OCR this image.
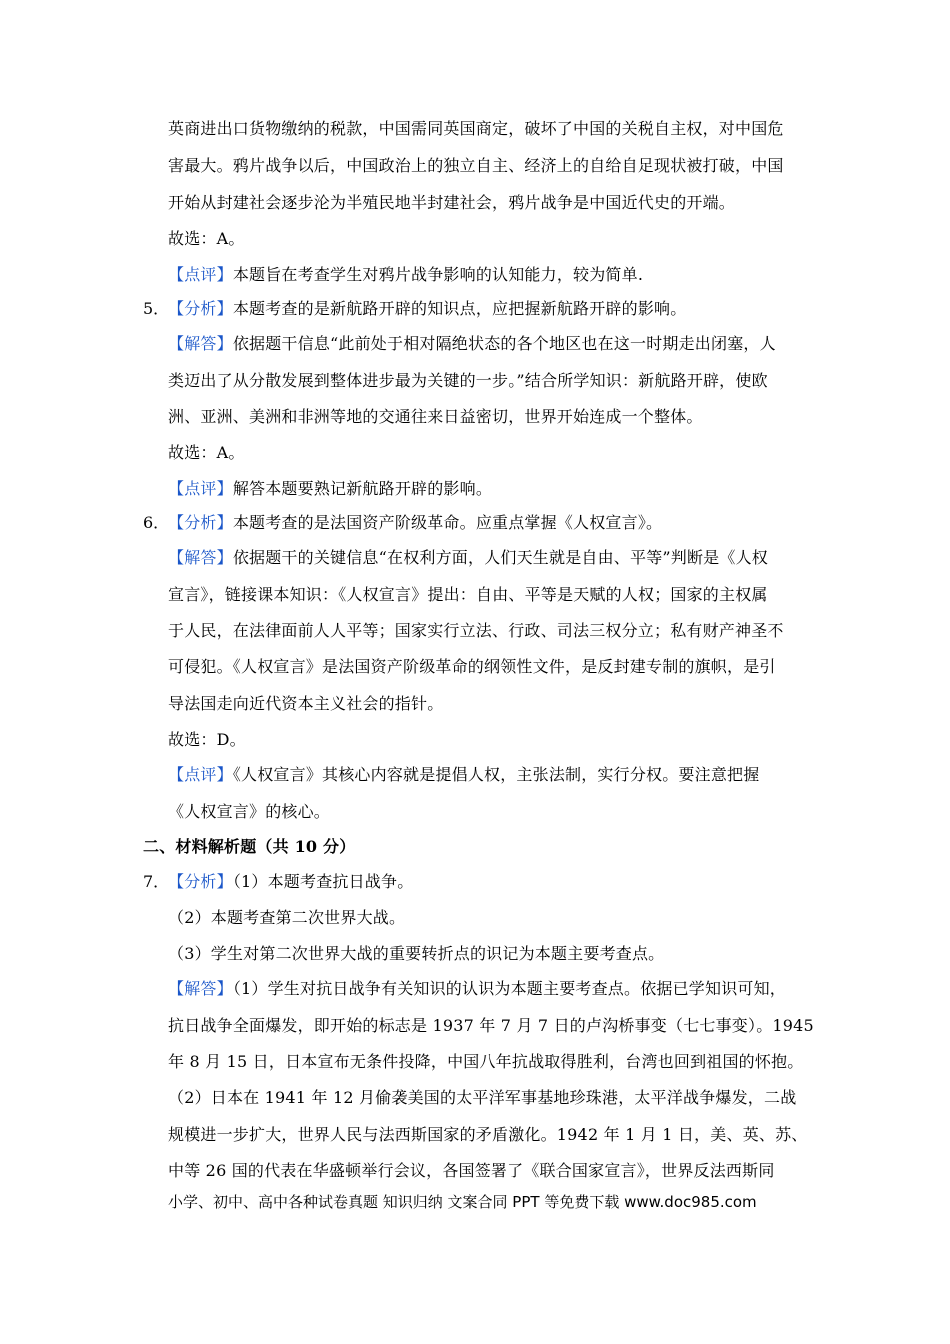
英商进出口货物缴纳的税款，中国需同英国商定，破坏了中国的关税自主权，对中国危
害最大。鸦片战争以后，中国政治上的独立自主、经济上的自给自足现状被打破，中国
开始从封建社会逐步沦为半殖民地半封建社会，鸦片战争是中国近代史的开端。
故选：A。
【点评】本题旨在考查学生对鸦片战争影响的认知能力，较为简单.
5．
【分析】本题考查的是新航路开辟的知识点，应把握新航路开辟的影响。
【解答】依据题干信息“此前处于相对隔绝状态的各个地区也在这一时期走出闭塞，人
类迈出了从分散发展到整体进步最为关键的一步。”结合所学知识：新航路开辟，使欧
洲、亚洲、美洲和非洲等地的交通往来日益密切，世界开始连成一个整体。
故选：A。
【点评】解答本题要熟记新航路开辟的影响。
6．
【分析】本题考查的是法国资产阶级革命。应重点掌握《人权宣言》。
【解答】依据题干的关键信息“在权利方面，人们天生就是自由、平等”判断是《人权
宣言》，链接课本知识：《人权宣言》提出：自由、平等是天赋的人权；国家的主权属
于人民，在法律面前人人平等；国家实行立法、行政、司法三权分立；私有财产神圣不
可侵犯。《人权宣言》是法国资产阶级革命的纲领性文件，是反封建专制的旗帜，是引
导法国走向近代资本主义社会的指针。
故选：D。
【点评】《人权宣言》其核心内容就是提倡人权，主张法制，实行分权。要注意把握
《人权宣言》的核心。
二、材料解析题（共 10 分）
7．
【分析】（1）本题考查抗日战争。
（2）本题考查第二次世界大战。
（3）学生对第二次世界大战的重要转折点的识记为本题主要考查点。
【解答】（1）学生对抗日战争有关知识的认识为本题主要考查点。依据已学知识可知，
抗日战争全面爆发，即开始的标志是 1937 年 7 月 7 日的卢沟桥事变（七七事变）。1945
年 8 月 15 日，日本宣布无条件投降，中国八年抗战取得胜利，台湾也回到祖国的怀抱。
（2）日本在 1941 年 12 月偷袭美国的太平洋军事基地珍珠港，太平洋战争爆发，二战
规模进一步扩大，世界人民与法西斯国家的矛盾激化。1942 年 1 月 1 日，美、英、苏、
中等 26 国的代表在华盛顿举行会议，各国签署了《联合国家宣言》，世界反法西斯同
小学、初中、高中各种试卷真题 知识归纳 文案合同 PPT 等免费下载 www.doc985.com
